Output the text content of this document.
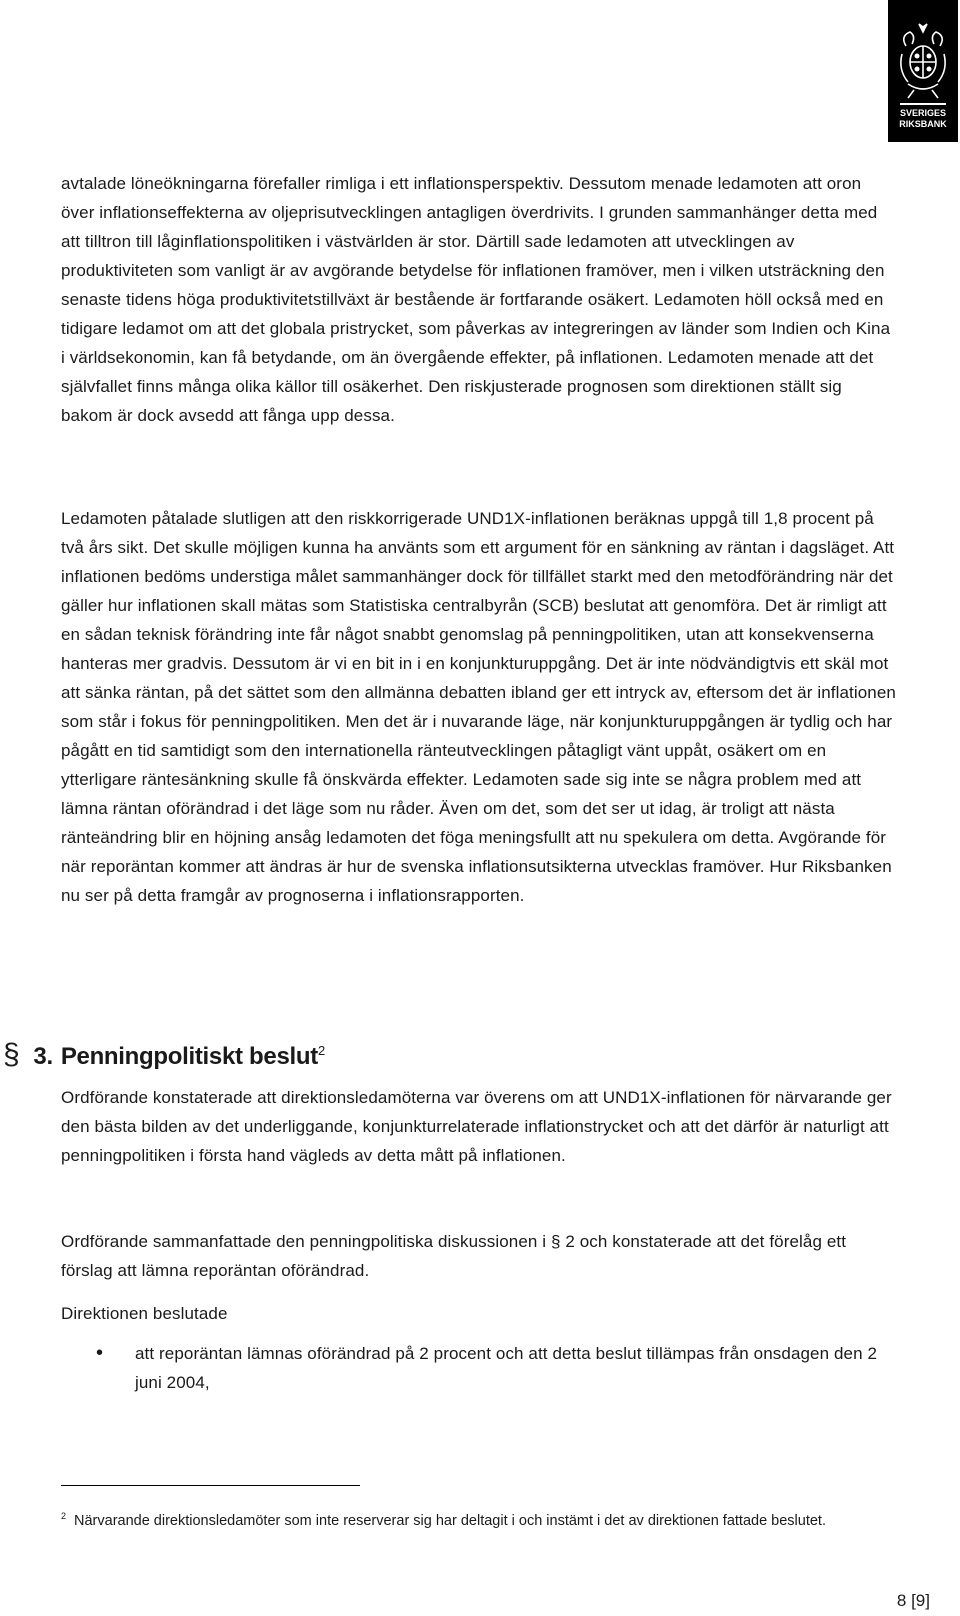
SVERIGES
RIKSBANK

avtalade löneökningarna förefaller rimliga i ett inflationsperspektiv. Dessutom menade ledamoten att oron över inflationseffekterna av oljeprisutvecklingen antagligen överdrivits. I grunden sammanhänger detta med att tilltron till låginflationspolitiken i västvärlden är stor. Därtill sade ledamoten att utvecklingen av produktiviteten som vanligt är av avgörande betydelse för inflationen framöver, men i vilken utsträckning den senaste tidens höga produktivitetstillväxt är bestående är fortfarande osäkert. Ledamoten höll också med en tidigare ledamot om att det globala pristrycket, som påverkas av integreringen av länder som Indien och Kina i världsekonomin, kan få betydande, om än övergående effekter, på inflationen. Ledamoten menade att det självfallet finns många olika källor till osäkerhet. Den riskjusterade prognosen som direktionen ställt sig bakom är dock avsedd att fånga upp dessa.

Ledamoten påtalade slutligen att den riskkorrigerade UND1X-inflationen beräknas uppgå till 1,8 procent på två års sikt. Det skulle möjligen kunna ha använts som ett argument för en sänkning av räntan i dagsläget. Att inflationen bedöms understiga målet sammanhänger dock för tillfället starkt med den metodförändring när det gäller hur inflationen skall mätas som Statistiska centralbyrån (SCB) beslutat att genomföra. Det är rimligt att en sådan teknisk förändring inte får något snabbt genomslag på penningpolitiken, utan att konsekvenserna hanteras mer gradvis. Dessutom är vi en bit in i en konjunkturuppgång. Det är inte nödvändigtvis ett skäl mot att sänka räntan, på det sättet som den allmänna debatten ibland ger ett intryck av, eftersom det är inflationen som står i fokus för penningpolitiken. Men det är i nuvarande läge, när konjunkturuppgången är tydlig och har pågått en tid samtidigt som den internationella ränteutvecklingen påtagligt vänt uppåt, osäkert om en ytterligare räntesänkning skulle få önskvärda effekter. Ledamoten sade sig inte se några problem med att lämna räntan oförändrad i det läge som nu råder. Även om det, som det ser ut idag, är troligt att nästa ränteändring blir en höjning ansåg ledamoten det föga meningsfullt att nu spekulera om detta. Avgörande för när reporäntan kommer att ändras är hur de svenska inflationsutsikterna utvecklas framöver. Hur Riksbanken nu ser på detta framgår av prognoserna i inflationsrapporten.

§ 3. Penningpolitiskt beslut$^2$

Ordförande konstaterade att direktionsledamöterna var överens om att UND1X-inflationen för närvarande ger den bästa bilden av det underliggande, konjunkturrelaterade inflationstrycket och att det därför är naturligt att penningpolitiken i första hand vägleds av detta mått på inflationen.

Ordförande sammanfattade den penningpolitiska diskussionen i § 2 och konstaterade att det förelåg ett förslag att lämna reporäntan oförändrad.

Direktionen beslutade

• att reporäntan lämnas oförändrad på 2 procent och att detta beslut tillämpas från onsdagen den 2 juni 2004,

$^2$ Närvarande direktionsledamöter som inte reserverar sig har deltagit i och instämt i det av direktionen fattade beslutet.

8 [9]
